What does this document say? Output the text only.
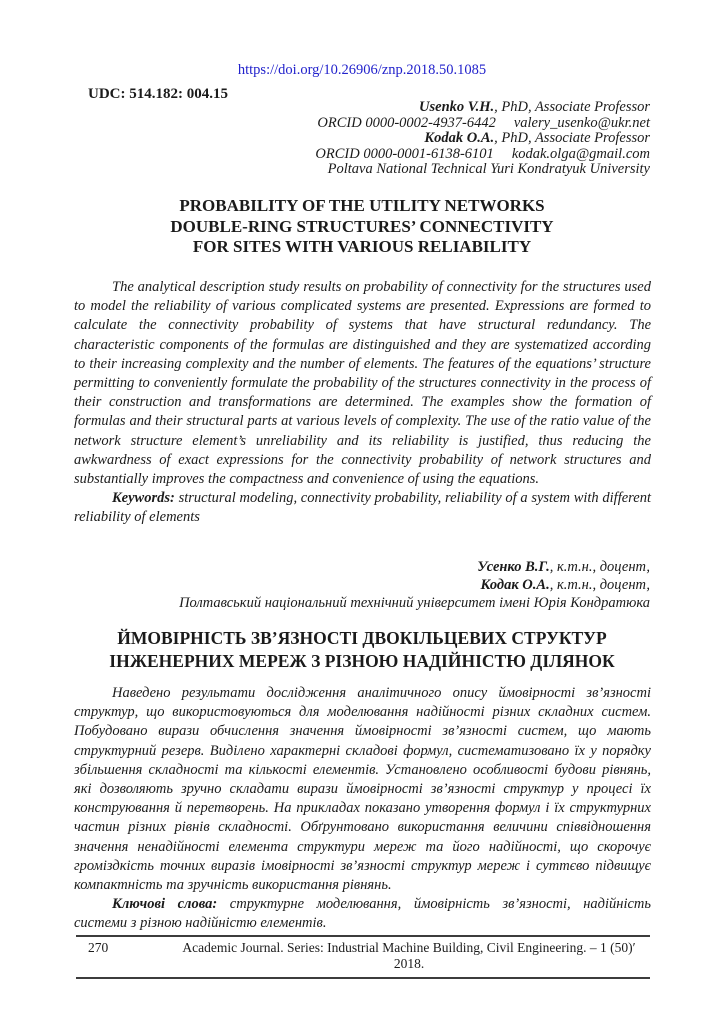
https://doi.org/10.26906/znp.2018.50.1085
UDC: 514.182: 004.15
Usenko V.H., PhD, Associate Professor
ORCID 0000-0002-4937-6442 valery_usenko@ukr.net
Kodak O.A., PhD, Associate Professor
ORCID 0000-0001-6138-6101 kodak.olga@gmail.com
Poltava National Technical Yuri Kondratyuk University
PROBABILITY OF THE UTILITY NETWORKS
DOUBLE-RING STRUCTURES’ CONNECTIVITY
FOR SITES WITH VARIOUS RELIABILITY

The analytical description study results on probability of connectivity for the structures used to model the reliability of various complicated systems are presented. Expressions are formed to calculate the connectivity probability of systems that have structural redundancy. The characteristic components of the formulas are distinguished and they are systematized according to their increasing complexity and the number of elements. The features of the equations’ structure permitting to conveniently formulate the probability of the structures connectivity in the process of their construction and transformations are determined. The examples show the formation of formulas and their structural parts at various levels of complexity. The use of the ratio value of the network structure element’s unreliability and its reliability is justified, thus reducing the awkwardness of exact expressions for the connectivity probability of network structures and substantially improves the compactness and convenience of using the equations.

Keywords: structural modeling, connectivity probability, reliability of a system with different reliability of elements

Усенко В.Г., к.т.н., доцент,
Кодак О.А., к.т.н., доцент,
Полтавський національний технічний університет імені Юрія Кондратюка
ЙМОВІРНІСТЬ ЗВ’ЯЗНОСТІ ДВОКІЛЬЦЕВИХ СТРУКТУР
ІНЖЕНЕРНИХ МЕРЕЖ З РІЗНОЮ НАДІЙНІСТЮ ДІЛЯНОК

Наведено результати дослідження аналітичного опису ймовірності зв’язності структур, що використовуються для моделювання надійності різних складних систем. Побудовано вирази обчислення значення ймовірності зв’язності систем, що мають структурний резерв. Виділено характерні складові формул, систематизовано їх у порядку збільшення складності та кількості елементів. Установлено особливості будови рівнянь, які дозволяють зручно складати вирази ймовірності зв’язності структур у процесі їх конструювання й перетворень. На прикладах показано утворення формул і їх структурних частин різних рівнів складності. Обґрунтовано використання величини співвідношення значення ненадійності елемента структури мереж та його надійності, що скорочує громіздкість точних виразів імовірності зв’язності структур мереж і суттєво підвищує компактність та зручність використання рівнянь.

Ключові слова: структурне моделювання, ймовірність зв’язності, надійність системи з різною надійністю елементів.

270	Academic Journal. Series: Industrial Machine Building, Civil Engineering. – 1 (50)′ 2018.
